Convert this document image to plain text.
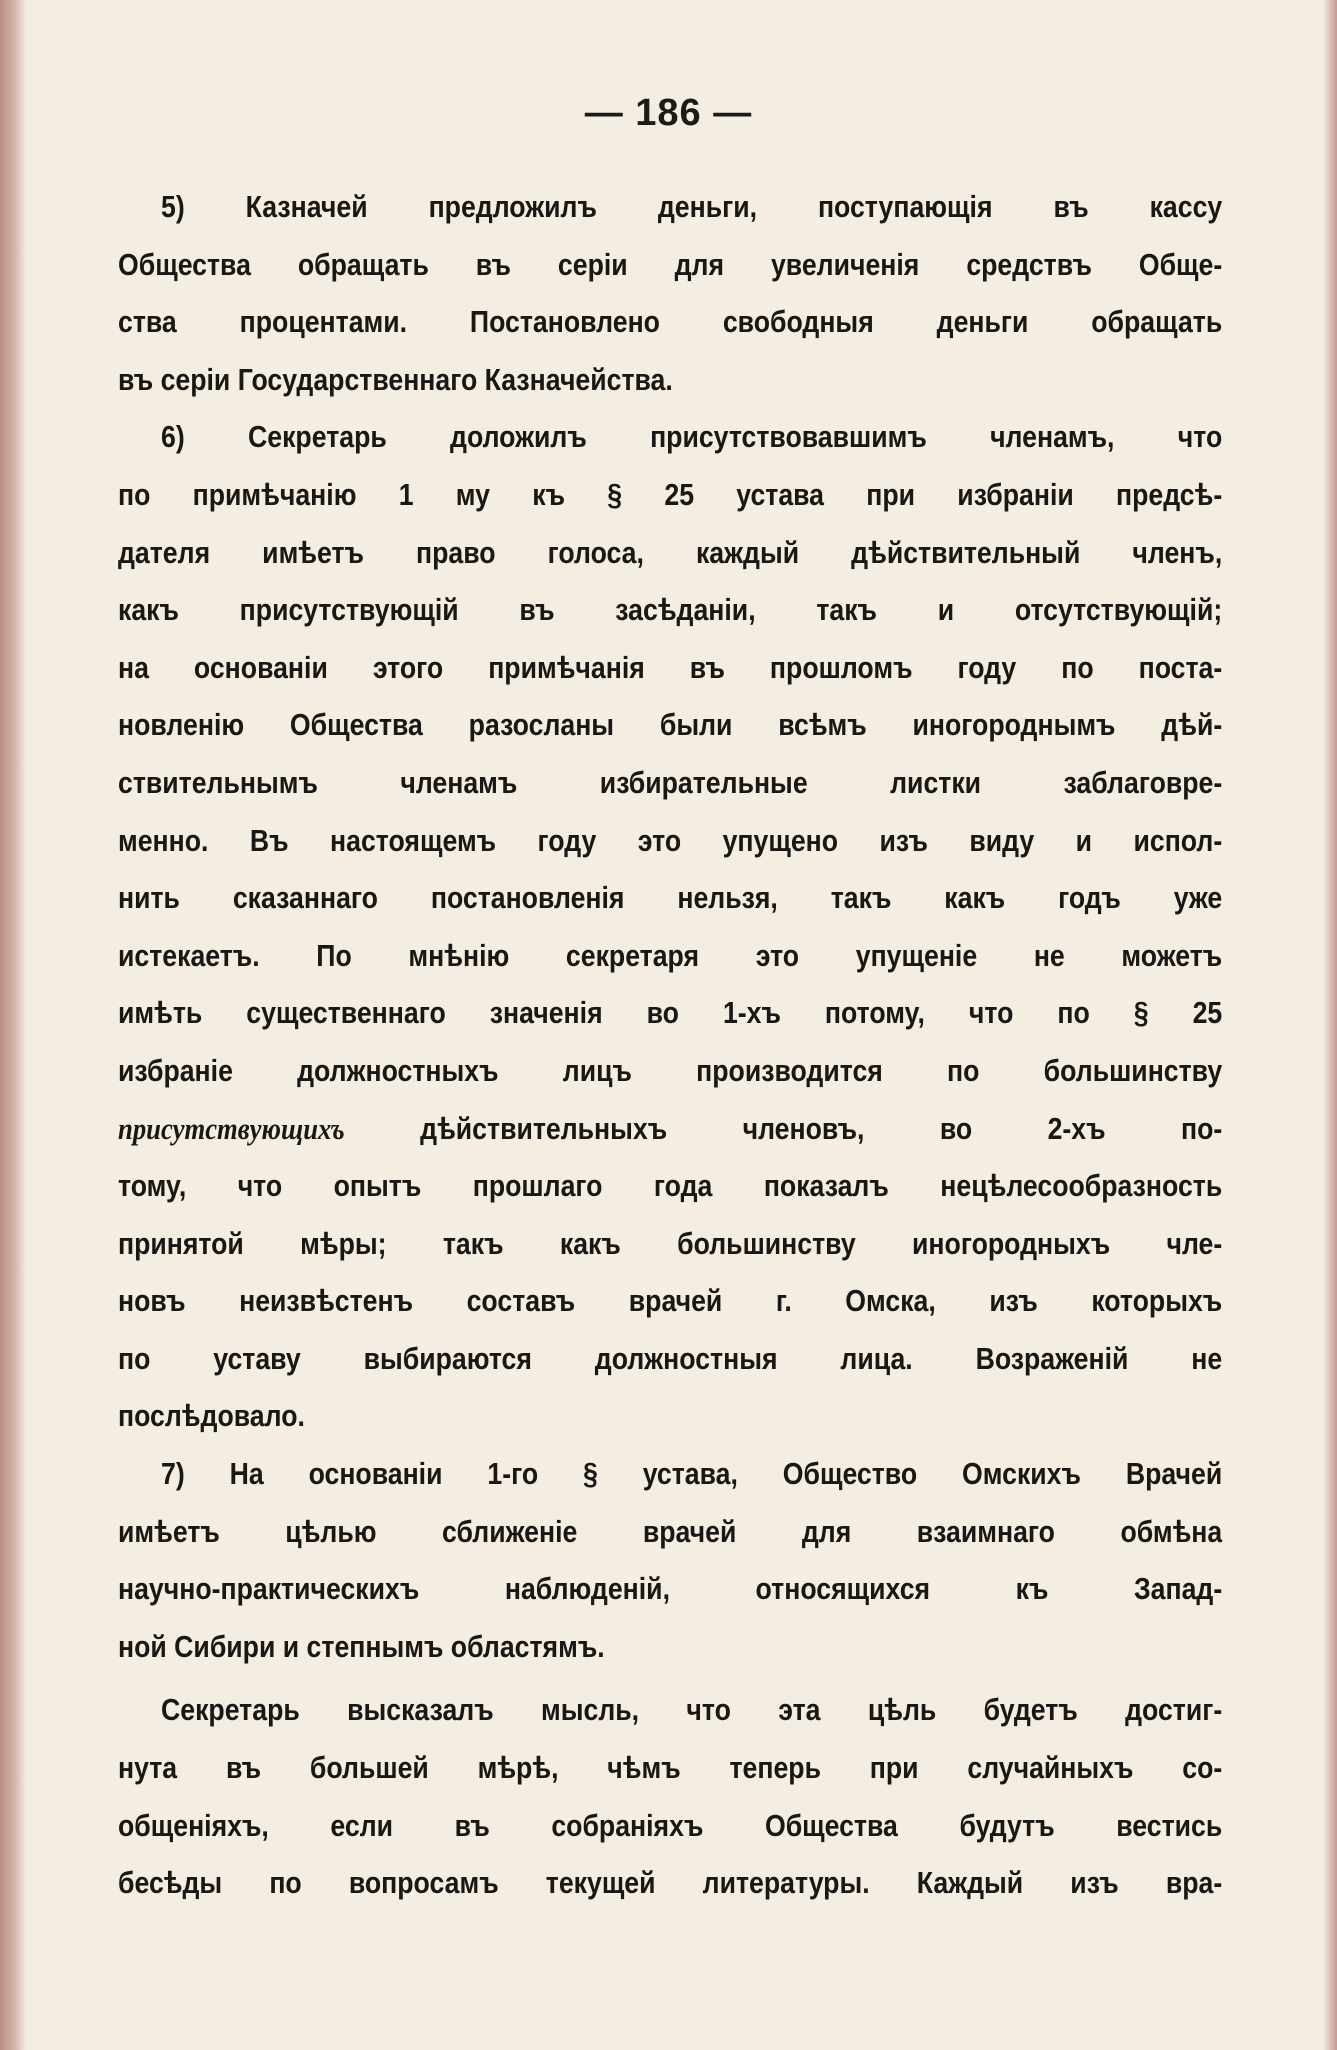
— 186 —
5) Казначей предложилъ деньги, поступающія въ кассу
Общества обращать въ серіи для увеличенія средствъ Обще-
ства процентами. Постановлено свободныя деньги обращать
въ серіи Государственнаго Казначейства.
6) Секретарь доложилъ присутствовавшимъ членамъ, что
по примѣчанію 1 му къ § 25 устава при избраніи предсѣ-
дателя имѣетъ право голоса, каждый дѣйствительный членъ,
какъ присутствующій въ засѣданіи, такъ и отсутствующій;
на основаніи этого примѣчанія въ прошломъ году по поста-
новленію Общества разосланы были всѣмъ иногороднымъ дѣй-
ствительнымъ членамъ избирательные листки заблаговре-
менно. Въ настоящемъ году это упущено изъ виду и испол-
нить сказаннаго постановленія нельзя, такъ какъ годъ уже
истекаетъ. По мнѣнію секретаря это упущеніе не можетъ
имѣть существеннаго значенія во 1-хъ потому, что по § 25
избраніе должностныхъ лицъ производится по большинству
присутствующихъ дѣйствительныхъ членовъ, во 2-хъ по-
тому, что опытъ прошлаго года показалъ нецѣлесообразность
принятой мѣры; такъ какъ большинству иногородныхъ чле-
новъ неизвѣстенъ составъ врачей г. Омска, изъ которыхъ
по уставу выбираются должностныя лица. Возраженій не
послѣдовало.
7) На основаніи 1-го § устава, Общество Омскихъ Врачей
имѣетъ цѣлью сближеніе врачей для взаимнаго обмѣна
научно-практическихъ наблюденій, относящихся къ Запад-
ной Сибири и степнымъ областямъ.
Секретарь высказалъ мысль, что эта цѣль будетъ достиг-
нута въ большей мѣрѣ, чѣмъ теперь при случайныхъ со-
общеніяхъ, если въ собраніяхъ Общества будутъ вестись
бесѣды по вопросамъ текущей литературы. Каждый изъ вра-
